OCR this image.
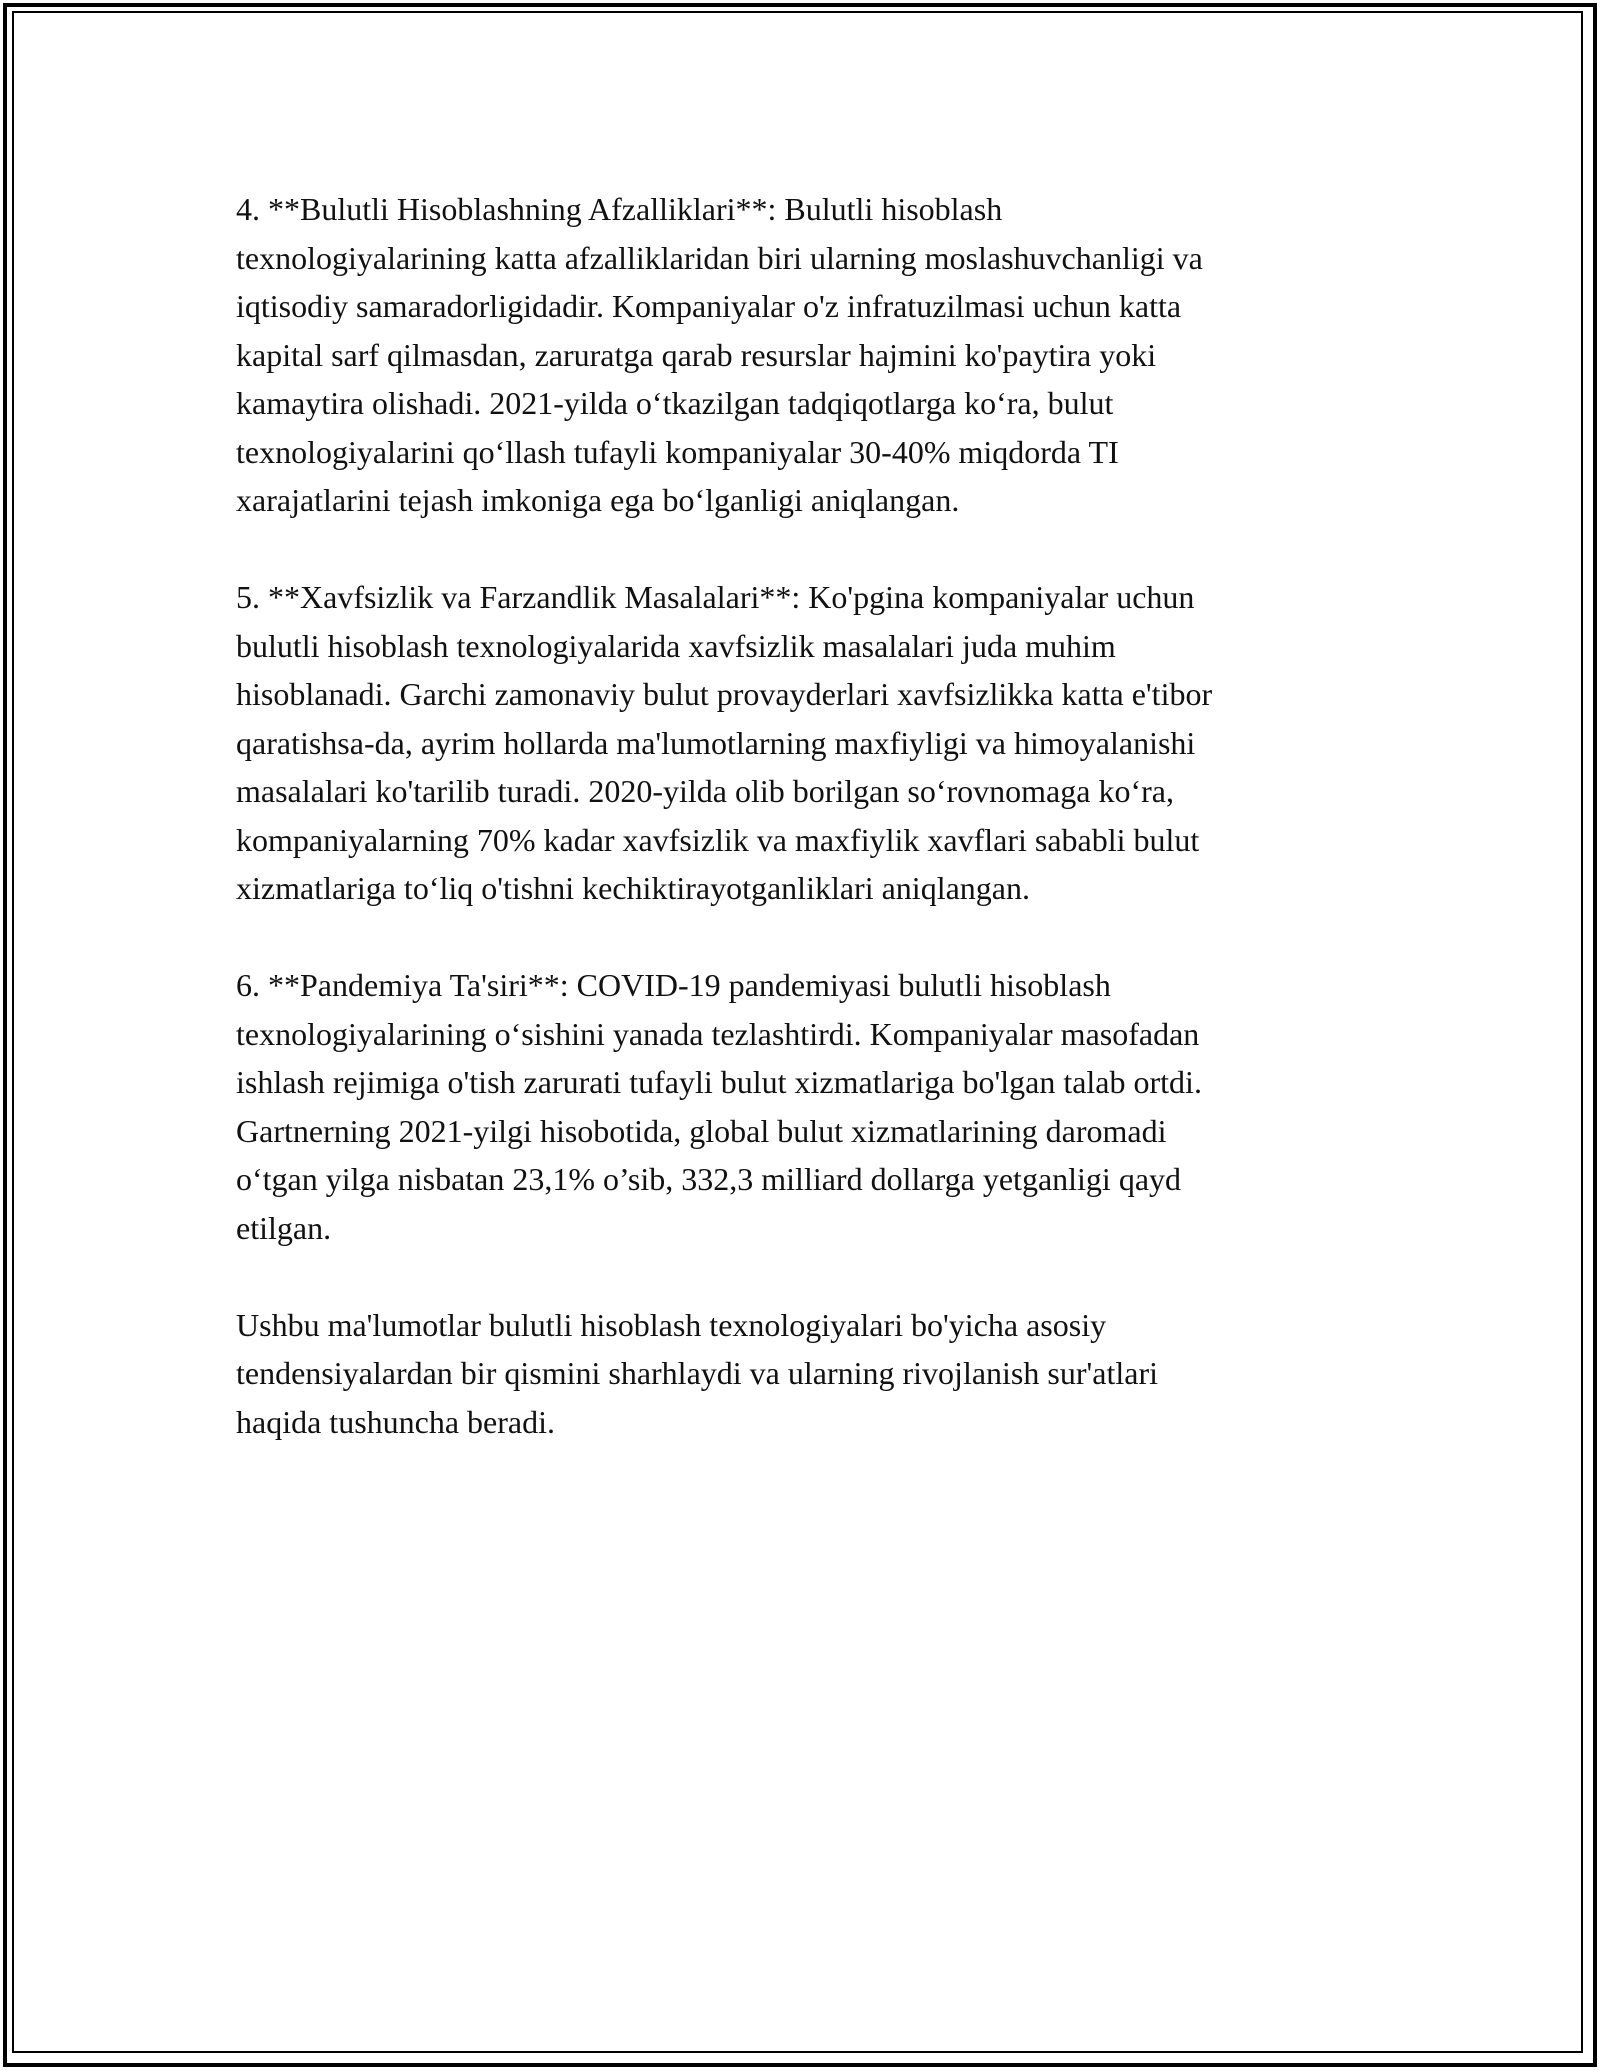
4. **Bulutli Hisoblashning Afzalliklari**: Bulutli hisoblash
texnologiyalarining katta afzalliklaridan biri ularning moslashuvchanligi va
iqtisodiy samaradorligidadir. Kompaniyalar o'z infratuzilmasi uchun katta
kapital sarf qilmasdan, zaruratga qarab resurslar hajmini ko'paytira yoki
kamaytira olishadi. 2021-yilda oʻtkazilgan tadqiqotlarga koʻra, bulut
texnologiyalarini qoʻllash tufayli kompaniyalar 30-40% miqdorda TI
xarajatlarini tejash imkoniga ega boʻlganligi aniqlangan.

5. **Xavfsizlik va Farzandlik Masalalari**: Ko'pgina kompaniyalar uchun
bulutli hisoblash texnologiyalarida xavfsizlik masalalari juda muhim
hisoblanadi. Garchi zamonaviy bulut provayderlari xavfsizlikka katta e'tibor
qaratishsa-da, ayrim hollarda ma'lumotlarning maxfiyligi va himoyalanishi
masalalari ko'tarilib turadi. 2020-yilda olib borilgan soʻrovnomaga koʻra,
kompaniyalarning 70% kadar xavfsizlik va maxfiylik xavflari sababli bulut
xizmatlariga toʻliq o'tishni kechiktirayotganliklari aniqlangan.

6. **Pandemiya Ta'siri**: COVID-19 pandemiyasi bulutli hisoblash
texnologiyalarining oʻsishini yanada tezlashtirdi. Kompaniyalar masofadan
ishlash rejimiga o'tish zarurati tufayli bulut xizmatlariga bo'lgan talab ortdi.
Gartnerning 2021-yilgi hisobotida, global bulut xizmatlarining daromadi
oʻtgan yilga nisbatan 23,1% o’sib, 332,3 milliard dollarga yetganligi qayd
etilgan.

Ushbu ma'lumotlar bulutli hisoblash texnologiyalari bo'yicha asosiy
tendensiyalardan bir qismini sharhlaydi va ularning rivojlanish sur'atlari
haqida tushuncha beradi.
